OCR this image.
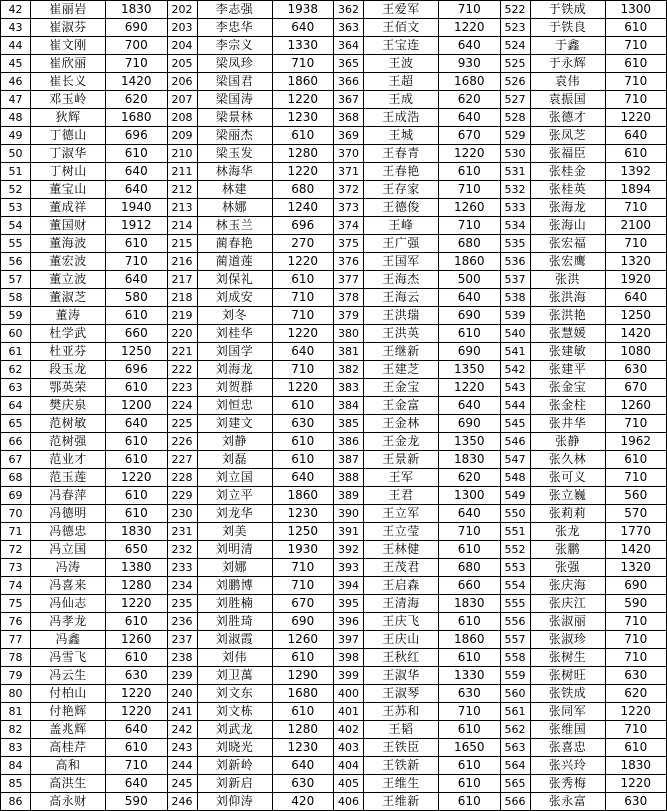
42	崔丽岩	1830	202	李志强	1938	362	王爱军	710	522	于铁成	1300
43	崔淑芬	690	203	李忠华	640	363	王佰文	1220	523	于铁良	610
44	崔文刚	700	204	李宗义	1330	364	王宝连	640	524	于鑫	710
45	崔欣丽	710	205	梁凤珍	710	365	王波	930	525	于永辉	610
46	崔长义	1420	206	梁国君	1860	366	王超	1680	526	袁伟	710
47	邓玉岭	620	207	梁国涛	1220	367	王成	620	527	袁振国	710
48	狄辉	1680	208	梁景林	1230	368	王成浩	640	528	张德才	1220
49	丁德山	696	209	梁丽杰	610	369	王城	670	529	张凤芝	640
50	丁淑华	610	210	梁玉发	1280	370	王春青	1220	530	张福臣	610
51	丁树山	640	211	林海华	1220	371	王春艳	610	531	张桂金	1392
52	董宝山	640	212	林建	680	372	王存家	710	532	张桂英	1894
53	董成祥	1940	213	林娜	1240	373	王德俊	1260	533	张海龙	710
54	董国财	1912	214	林玉兰	696	374	王峰	710	534	张海山	2100
55	董海波	610	215	蔺春艳	270	375	王广强	680	535	张宏福	710
56	董宏波	710	216	蔺道莲	1220	376	王国军	1860	536	张宏鹰	1320
57	董立波	640	217	刘保礼	610	377	王海杰	500	537	张洪	1920
58	董淑芝	580	218	刘成安	710	378	王海云	640	538	张洪海	640
59	董涛	610	219	刘冬	710	379	王洪瑞	690	539	张洪艳	1250
60	杜学武	660	220	刘桂华	1220	380	王洪英	610	540	张慧媛	1420
61	杜亚芬	1250	221	刘国学	640	381	王继新	690	541	张建敏	1080
62	段玉龙	696	222	刘海龙	710	382	王建芝	1350	542	张建平	630
63	鄂英荣	610	223	刘贺群	1220	383	王金宝	1220	543	张金宝	670
64	樊庆泉	1200	224	刘恒忠	610	384	王金富	640	544	张金柱	1260
65	范树敏	640	225	刘建文	630	385	王金林	690	545	张井华	710
66	范树强	610	226	刘静	610	386	王金龙	1350	546	张静	1962
67	范业才	610	227	刘磊	610	387	王景新	1830	547	张久林	610
68	范玉莲	1220	228	刘立国	640	388	王军	620	548	张可义	710
69	冯春萍	610	229	刘立平	1860	389	王君	1300	549	张立巍	560
70	冯德明	610	230	刘龙华	1230	390	王立军	640	550	张莉莉	570
71	冯德忠	1830	231	刘美	1250	391	王立莹	710	551	张龙	1770
72	冯立国	650	232	刘明清	1930	392	王林健	610	552	张鹏	1420
73	冯涛	1380	233	刘娜	710	393	王茂君	680	553	张强	1320
74	冯喜来	1280	234	刘鹏博	710	394	王启森	660	554	张庆海	690
75	冯仙志	1220	235	刘胜楠	670	395	王清海	1830	555	张庆江	590
76	冯孝龙	610	236	刘胜琦	690	396	王庆飞	610	556	张淑丽	710
77	冯鑫	1260	237	刘淑霞	1260	397	王庆山	1860	557	张淑珍	710
78	冯雪飞	610	238	刘伟	610	398	王秋红	610	558	张树生	710
79	冯云生	630	239	刘卫萬	1290	399	王淑华	1330	559	张树旺	630
80	付柏山	1220	240	刘文东	1680	400	王淑琴	630	560	张铁成	620
81	付艳辉	1220	241	刘文栋	610	401	王苏和	710	561	张同军	1220
82	盖兆辉	640	242	刘武龙	1280	402	王韬	610	562	张维国	710
83	高桂芹	610	243	刘晓光	1230	403	王铁臣	1650	563	张喜忠	610
84	高和	710	244	刘新岭	640	404	王铁新	610	564	张兴玲	1830
85	高洪生	640	245	刘新启	630	405	王维生	610	565	张秀梅	1220
86	高永财	590	246	刘仰涛	420	406	王维新	610	566	张永富	630
